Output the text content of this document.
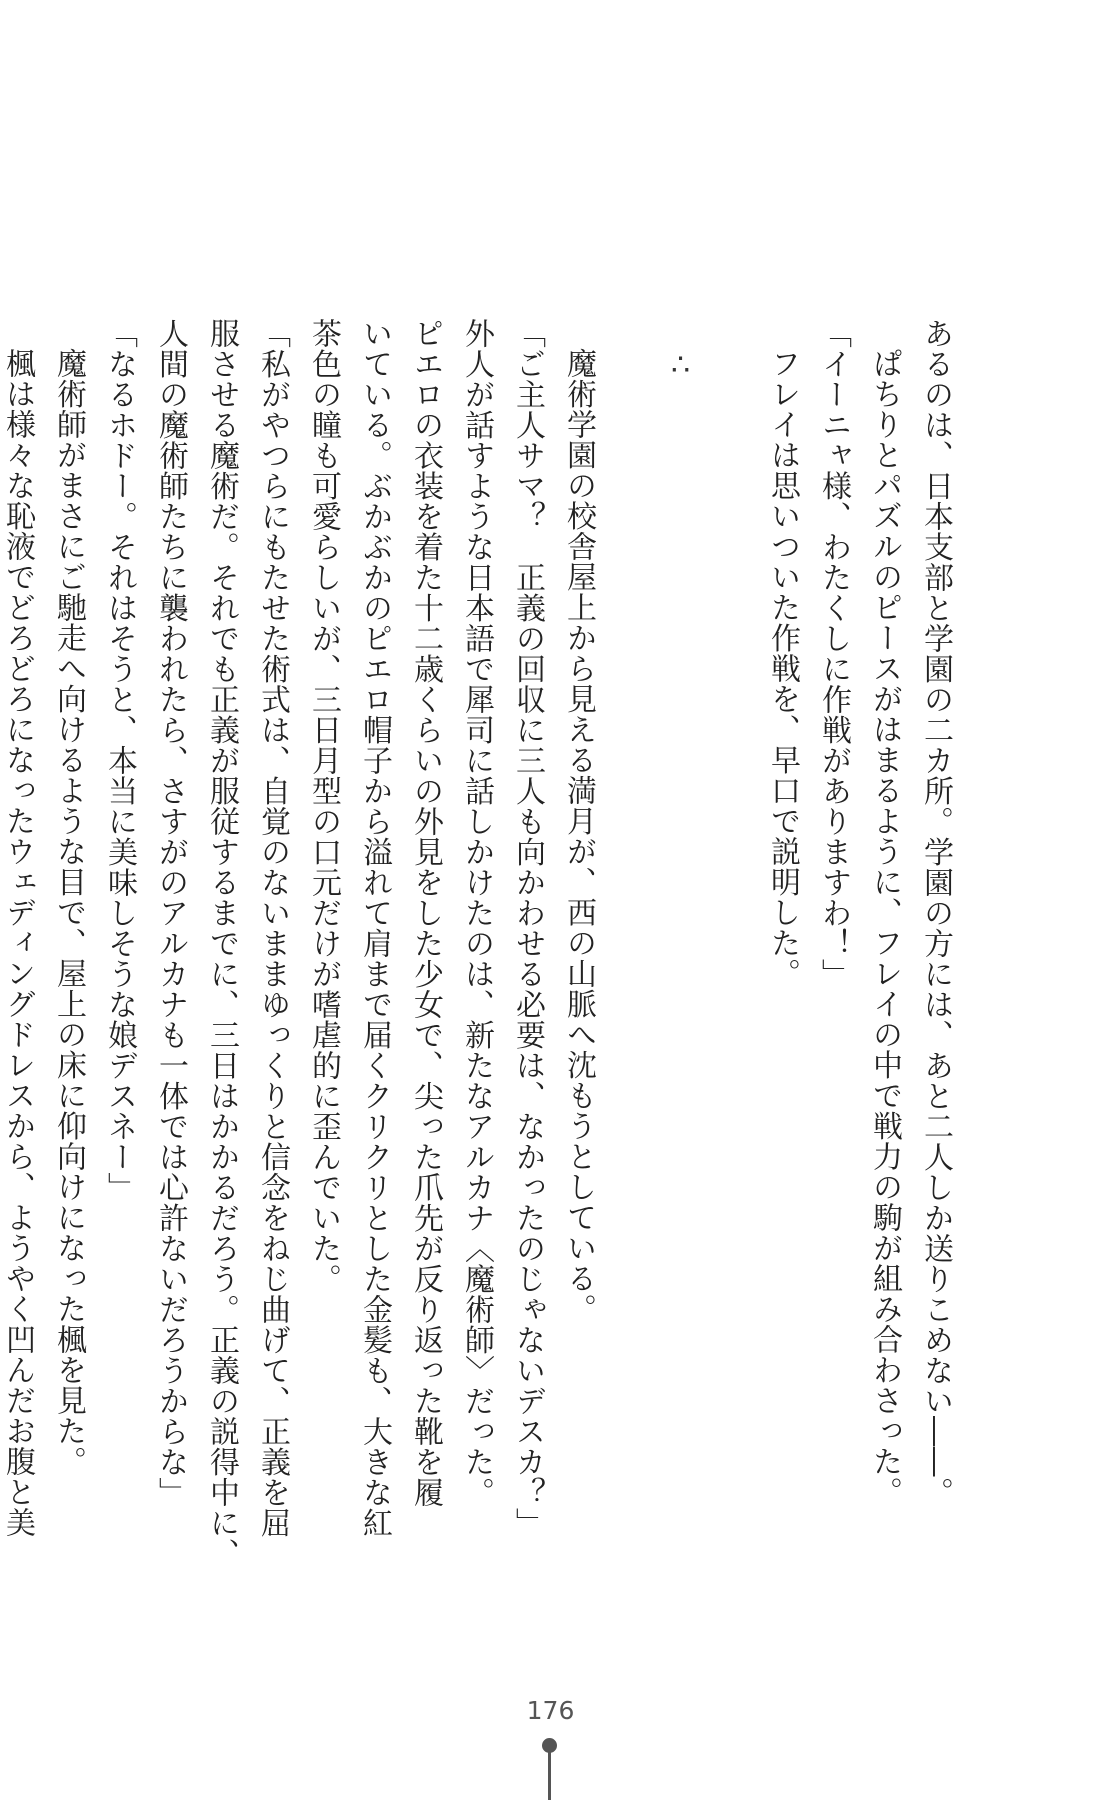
あるのは、日本支部と学園の二カ所。学園の方には、あと二人しか送りこめない――。
ぱちりとパズルのピースがはまるように、フレイの中で戦力の駒が組み合わさった。
「イーニャ様、わたくしに作戦がありますわ！」
フレイは思いついた作戦を、早口で説明した。

∴

魔術学園の校舎屋上から見える満月が、西の山脈へ沈もうとしている。
「ご主人サマ？　正義の回収に三人も向かわせる必要は、なかったのじゃないデスカ？」
外人が話すような日本語で犀司に話しかけたのは、新たなアルカナ〈魔術師〉だった。
ピエロの衣装を着た十二歳くらいの外見をした少女で、尖った爪先が反り返った靴を履
いている。ぶかぶかのピエロ帽子から溢れて肩まで届くクリクリとした金髪も、大きな紅
茶色の瞳も可愛らしいが、三日月型の口元だけが嗜虐的に歪んでいた。
「私がやつらにもたせた術式は、自覚のないままゆっくりと信念をねじ曲げて、正義を屈
服させる魔術だ。それでも正義が服従するまでに、三日はかかるだろう。正義の説得中に、
人間の魔術師たちに襲われたら、さすがのアルカナも一体では心許ないだろうからな」
「なるホドー。それはそうと、本当に美味しそうな娘デスネー」
魔術師がまさにご馳走へ向けるような目で、屋上の床に仰向けになった楓を見た。
楓は様々な恥液でどろどろになったウェディングドレスから、ようやく凹んだお腹と美
176
